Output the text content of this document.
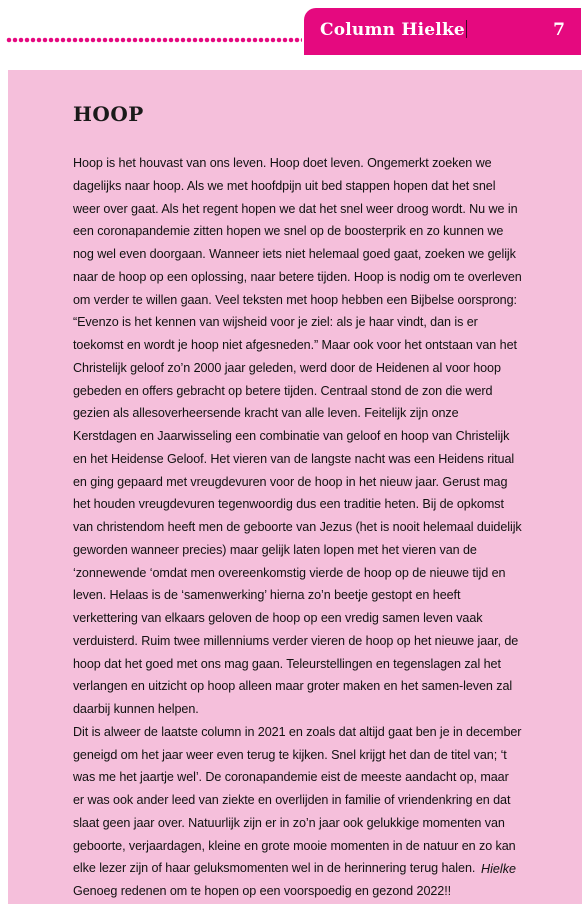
Column Hielke	7
HOOP
Hoop is het houvast van ons leven. Hoop doet leven. Ongemerkt zoeken we dagelijks naar hoop. Als we met hoofdpijn uit bed stappen hopen dat het snel weer over gaat. Als het regent hopen we dat het snel weer droog wordt. Nu we in een coronapandemie zitten hopen we snel op de boosterprik en zo kunnen we nog wel even doorgaan. Wanneer iets niet helemaal goed gaat, zoeken we gelijk naar de hoop op een oplossing, naar betere tijden. Hoop is nodig om te overleven om verder te willen gaan. Veel teksten met hoop hebben een Bijbelse oorsprong: “Evenzo is het kennen van wijsheid voor je ziel: als je haar vindt, dan is er toekomst en wordt je hoop niet afgesneden.” Maar ook voor het ontstaan van het Christelijk geloof zo’n 2000 jaar geleden, werd door de Heidenen al voor hoop gebeden en offers gebracht op betere tijden. Centraal stond de zon die werd gezien als allesoverheersende kracht van alle leven. Feitelijk zijn onze Kerstdagen en Jaarwisseling een combinatie van geloof en hoop van Christelijk en het Heidense Geloof. Het vieren van de langste nacht was een Heidens ritual en ging gepaard met vreugdevuren voor de hoop in het nieuw jaar. Gerust mag het houden vreugdevuren tegenwoordig dus een traditie heten. Bij de opkomst van christendom heeft men de geboorte van Jezus (het is nooit helemaal duidelijk geworden wanneer precies) maar gelijk laten lopen met het vieren van de ‘zonnewende ‘omdat men overeenkomstig vierde de hoop op de nieuwe tijd en leven. Helaas is de ‘samenwerking’ hierna zo’n beetje gestopt en heeft verkettering van elkaars geloven de hoop op een vredig samen leven vaak verduisterd. Ruim twee millenniums verder vieren de hoop op het nieuwe jaar, de hoop dat het goed met ons mag gaan. Teleurstellingen en tegenslagen zal het verlangen en uitzicht op hoop alleen maar groter maken en het samen-leven zal daarbij kunnen helpen.
Dit is alweer de laatste column in 2021 en zoals dat altijd gaat ben je in december geneigd om het jaar weer even terug te kijken. Snel krijgt het dan de titel van; ‘t was me het jaartje wel’. De coronapandemie eist de meeste aandacht op, maar er was ook ander leed van ziekte en overlijden in familie of vriendenkring en dat slaat geen jaar over. Natuurlijk zijn er in zo’n jaar ook gelukkige momenten van geboorte, verjaardagen, kleine en grote mooie momenten in de natuur en zo kan elke lezer zijn of haar geluksmomenten wel in de herinnering terug halen. Genoeg redenen om te hopen op een voorspoedig en gezond 2022!!
Hielke
